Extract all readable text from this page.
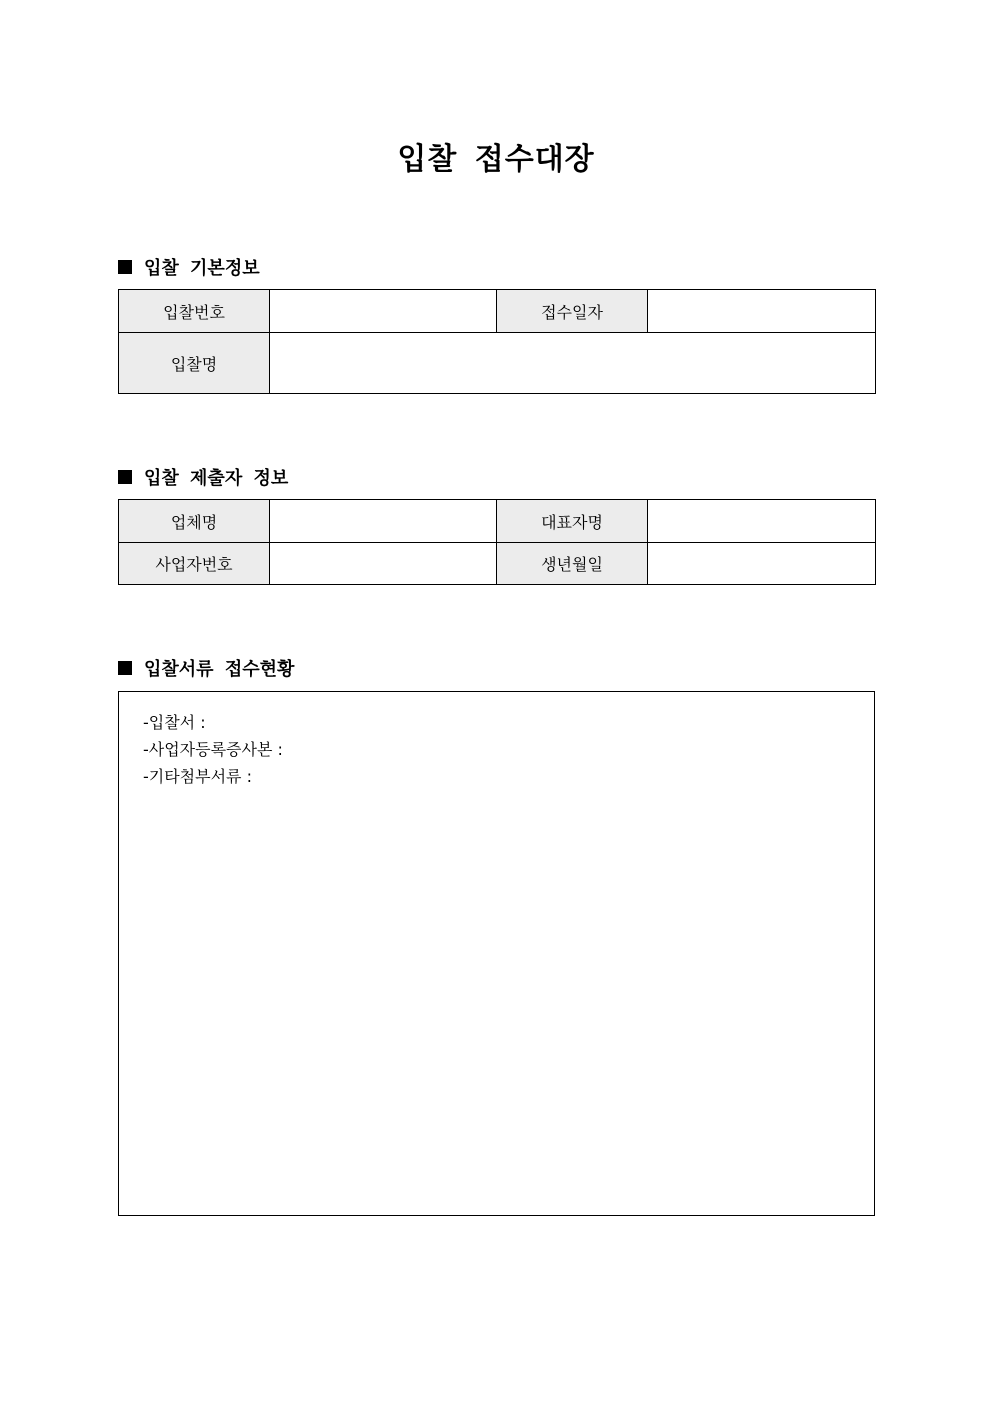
입찰 접수대장
입찰 기본정보
입찰번호		접수일자	
입찰명			
입찰 제출자 정보
업체명		대표자명	
사업자번호		생년월일	
입찰서류 접수현황
-입찰서 :
-사업자등록증사본 :
-기타첨부서류 :
